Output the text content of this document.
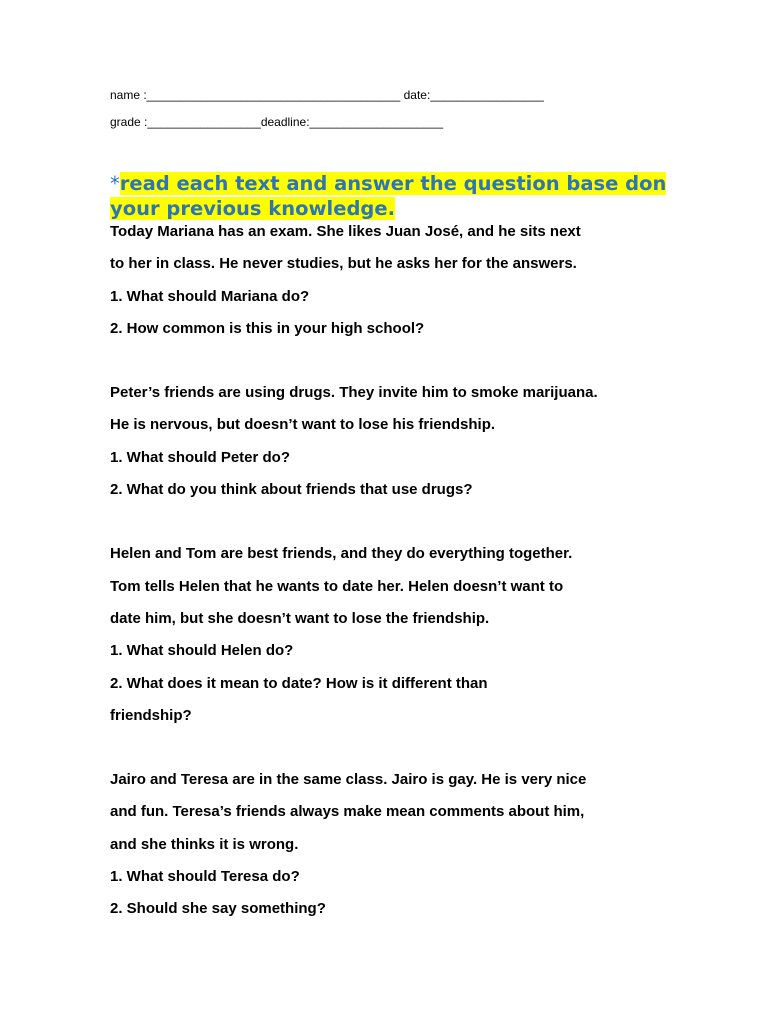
name :______________________________________ date:_________________
grade :_________________deadline:____________________
*read each text and answer the question base don your previous knowledge.
Today Mariana has an exam. She likes Juan José, and he sits next
to her in class. He never studies, but he asks her for the answers.
1. What should Mariana do?
2. How common is this in your high school?
Peter’s friends are using drugs. They invite him to smoke marijuana.
He is nervous, but doesn’t want to lose his friendship.
1. What should Peter do?
2. What do you think about friends that use drugs?
Helen and Tom are best friends, and they do everything together.
Tom tells Helen that he wants to date her. Helen doesn’t want to
date him, but she doesn’t want to lose the friendship.
1. What should Helen do?
2. What does it mean to date? How is it different than
friendship?
Jairo and Teresa are in the same class. Jairo is gay. He is very nice
and fun. Teresa’s friends always make mean comments about him,
and she thinks it is wrong.
1. What should Teresa do?
2. Should she say something?
